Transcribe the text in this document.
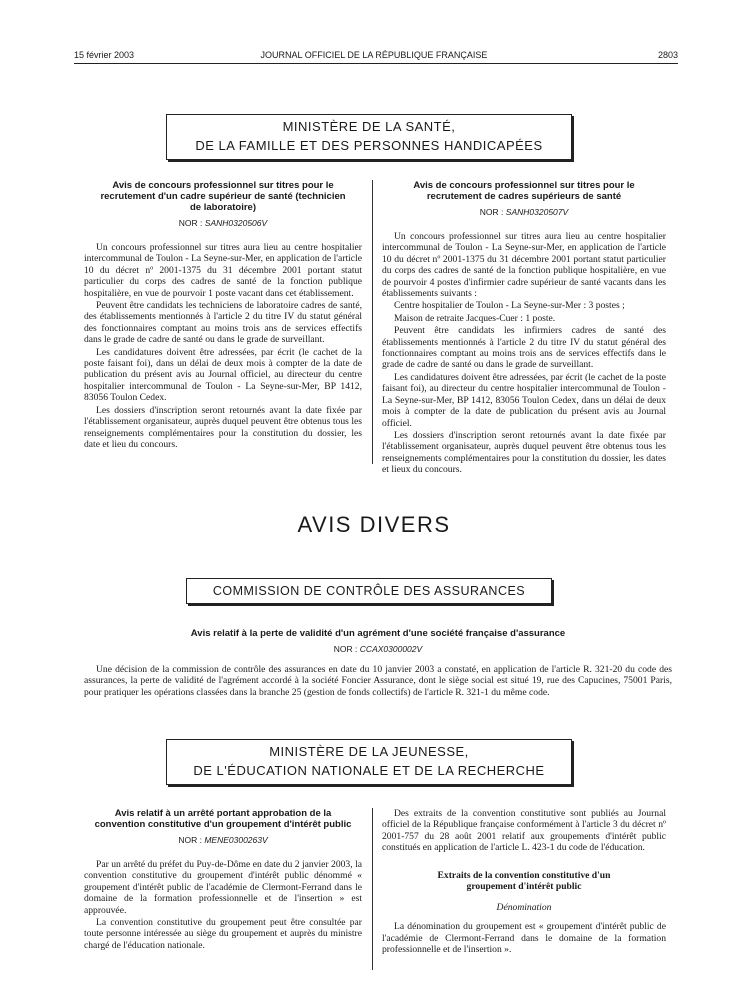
15 février 2003	JOURNAL OFFICIEL DE LA RÉPUBLIQUE FRANÇAISE	2803
MINISTÈRE DE LA SANTÉ,
DE LA FAMILLE ET DES PERSONNES HANDICAPÉES
Avis de concours professionnel sur titres pour le recrutement d'un cadre supérieur de santé (technicien de laboratoire)
NOR : SANH0320506V

Un concours professionnel sur titres aura lieu au centre hospitalier intercommunal de Toulon - La Seyne-sur-Mer, en application de l'article 10 du décret nº 2001-1375 du 31 décembre 2001 portant statut particulier du corps des cadres de santé de la fonction publique hospitalière, en vue de pourvoir 1 poste vacant dans cet établissement.

Peuvent être candidats les techniciens de laboratoire cadres de santé, des établissements mentionnés à l'article 2 du titre IV du statut général des fonctionnaires comptant au moins trois ans de services effectifs dans le grade de cadre de santé ou dans le grade de surveillant.

Les candidatures doivent être adressées, par écrit (le cachet de la poste faisant foi), dans un délai de deux mois à compter de la date de publication du présent avis au Journal officiel, au directeur du centre hospitalier intercommunal de Toulon - La Seyne-sur-Mer, BP 1412, 83056 Toulon Cedex.

Les dossiers d'inscription seront retournés avant la date fixée par l'établissement organisateur, auprès duquel peuvent être obtenus tous les renseignements complémentaires pour la constitution du dossier, les date et lieu du concours.

Avis de concours professionnel sur titres pour le recrutement de cadres supérieurs de santé
NOR : SANH0320507V

Un concours professionnel sur titres aura lieu au centre hospitalier intercommunal de Toulon - La Seyne-sur-Mer, en application de l'article 10 du décret nº 2001-1375 du 31 décembre 2001 portant statut particulier du corps des cadres de santé de la fonction publique hospitalière, en vue de pourvoir 4 postes d'infirmier cadre supérieur de santé vacants dans les établissements suivants :

Centre hospitalier de Toulon - La Seyne-sur-Mer : 3 postes ;

Maison de retraite Jacques-Cuer : 1 poste.

Peuvent être candidats les infirmiers cadres de santé des établissements mentionnés à l'article 2 du titre IV du statut général des fonctionnaires comptant au moins trois ans de services effectifs dans le grade de cadre de santé ou dans le grade de surveillant.

Les candidatures doivent être adressées, par écrit (le cachet de la poste faisant foi), au directeur du centre hospitalier intercommunal de Toulon - La Seyne-sur-Mer, BP 1412, 83056 Toulon Cedex, dans un délai de deux mois à compter de la date de publication du présent avis au Journal officiel.

Les dossiers d'inscription seront retournés avant la date fixée par l'établissement organisateur, auprès duquel peuvent être obtenus tous les renseignements complémentaires pour la constitution du dossier, les dates et lieux du concours.

AVIS DIVERS
COMMISSION DE CONTRÔLE DES ASSURANCES
Avis relatif à la perte de validité d'un agrément d'une société française d'assurance
NOR : CCAX0300002V

Une décision de la commission de contrôle des assurances en date du 10 janvier 2003 a constaté, en application de l'article R. 321-20 du code des assurances, la perte de validité de l'agrément accordé à la société Foncier Assurance, dont le siège social est situé 19, rue des Capucines, 75001 Paris, pour pratiquer les opérations classées dans la branche 25 (gestion de fonds collectifs) de l'article R. 321-1 du même code.

MINISTÈRE DE LA JEUNESSE,
DE L'ÉDUCATION NATIONALE ET DE LA RECHERCHE
Avis relatif à un arrêté portant approbation de la convention constitutive d'un groupement d'intérêt public
NOR : MENE0300263V

Par un arrêté du préfet du Puy-de-Dôme en date du 2 janvier 2003, la convention constitutive du groupement d'intérêt public dénommé « groupement d'intérêt public de l'académie de Clermont-Ferrand dans le domaine de la formation professionnelle et de l'insertion » est approuvée.

La convention constitutive du groupement peut être consultée par toute personne intéressée au siège du groupement et auprès du ministre chargé de l'éducation nationale.

Des extraits de la convention constitutive sont publiés au Journal officiel de la République française conformément à l'article 3 du décret nº 2001-757 du 28 août 2001 relatif aux groupements d'intérêt public constitués en application de l'article L. 423-1 du code de l'éducation.

Extraits de la convention constitutive d'un groupement d'intérêt public
Dénomination

La dénomination du groupement est « groupement d'intérêt public de l'académie de Clermont-Ferrand dans le domaine de la formation professionnelle et de l'insertion ».
